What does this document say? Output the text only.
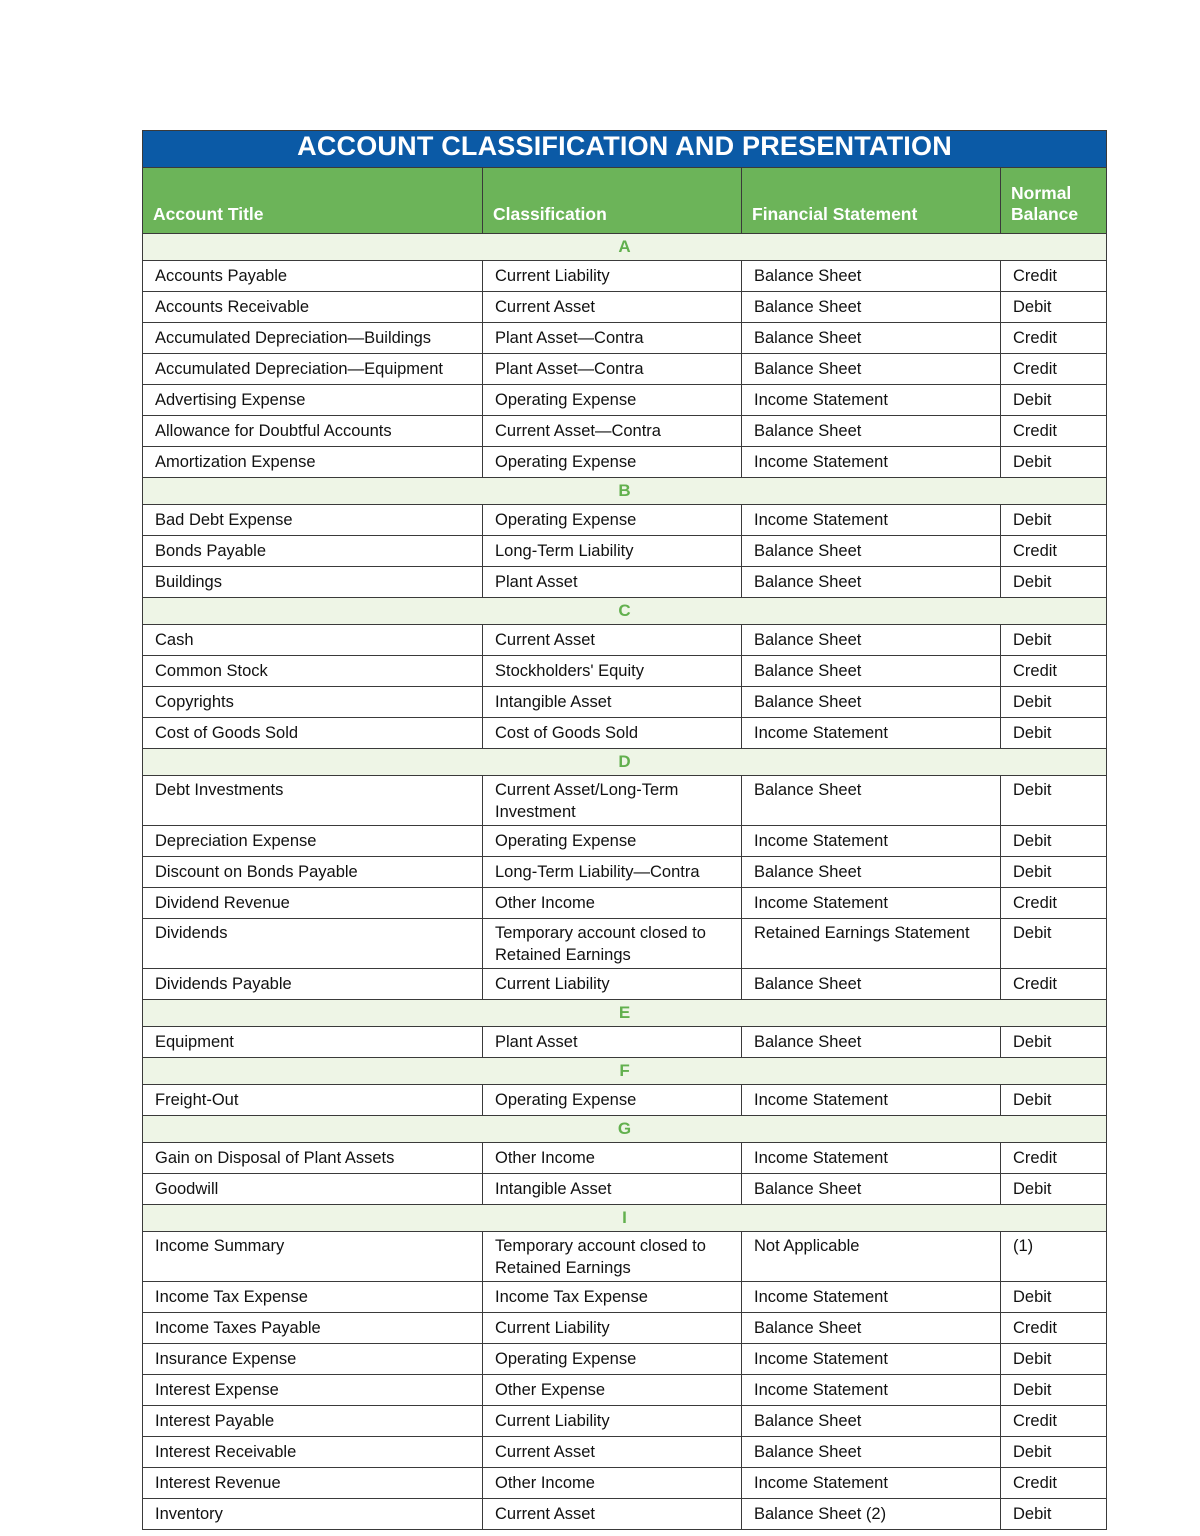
ACCOUNT CLASSIFICATION AND PRESENTATION			
Account Title	Classification	Financial Statement	Normal Balance
A			
Accounts Payable	Current Liability	Balance Sheet	Credit
Accounts Receivable	Current Asset	Balance Sheet	Debit
Accumulated Depreciation—Buildings	Plant Asset—Contra	Balance Sheet	Credit
Accumulated Depreciation—Equipment	Plant Asset—Contra	Balance Sheet	Credit
Advertising Expense	Operating Expense	Income Statement	Debit
Allowance for Doubtful Accounts	Current Asset—Contra	Balance Sheet	Credit
Amortization Expense	Operating Expense	Income Statement	Debit
B			
Bad Debt Expense	Operating Expense	Income Statement	Debit
Bonds Payable	Long-Term Liability	Balance Sheet	Credit
Buildings	Plant Asset	Balance Sheet	Debit
C			
Cash	Current Asset	Balance Sheet	Debit
Common Stock	Stockholders' Equity	Balance Sheet	Credit
Copyrights	Intangible Asset	Balance Sheet	Debit
Cost of Goods Sold	Cost of Goods Sold	Income Statement	Debit
D			
Debt Investments	Current Asset/Long-Term Investment	Balance Sheet	Debit
Depreciation Expense	Operating Expense	Income Statement	Debit
Discount on Bonds Payable	Long-Term Liability—Contra	Balance Sheet	Debit
Dividend Revenue	Other Income	Income Statement	Credit
Dividends	Temporary account closed to Retained Earnings	Retained Earnings Statement	Debit
Dividends Payable	Current Liability	Balance Sheet	Credit
E			
Equipment	Plant Asset	Balance Sheet	Debit
F			
Freight-Out	Operating Expense	Income Statement	Debit
G			
Gain on Disposal of Plant Assets	Other Income	Income Statement	Credit
Goodwill	Intangible Asset	Balance Sheet	Debit
I			
Income Summary	Temporary account closed to Retained Earnings	Not Applicable	(1)
Income Tax Expense	Income Tax Expense	Income Statement	Debit
Income Taxes Payable	Current Liability	Balance Sheet	Credit
Insurance Expense	Operating Expense	Income Statement	Debit
Interest Expense	Other Expense	Income Statement	Debit
Interest Payable	Current Liability	Balance Sheet	Credit
Interest Receivable	Current Asset	Balance Sheet	Debit
Interest Revenue	Other Income	Income Statement	Credit
Inventory	Current Asset	Balance Sheet (2)	Debit
